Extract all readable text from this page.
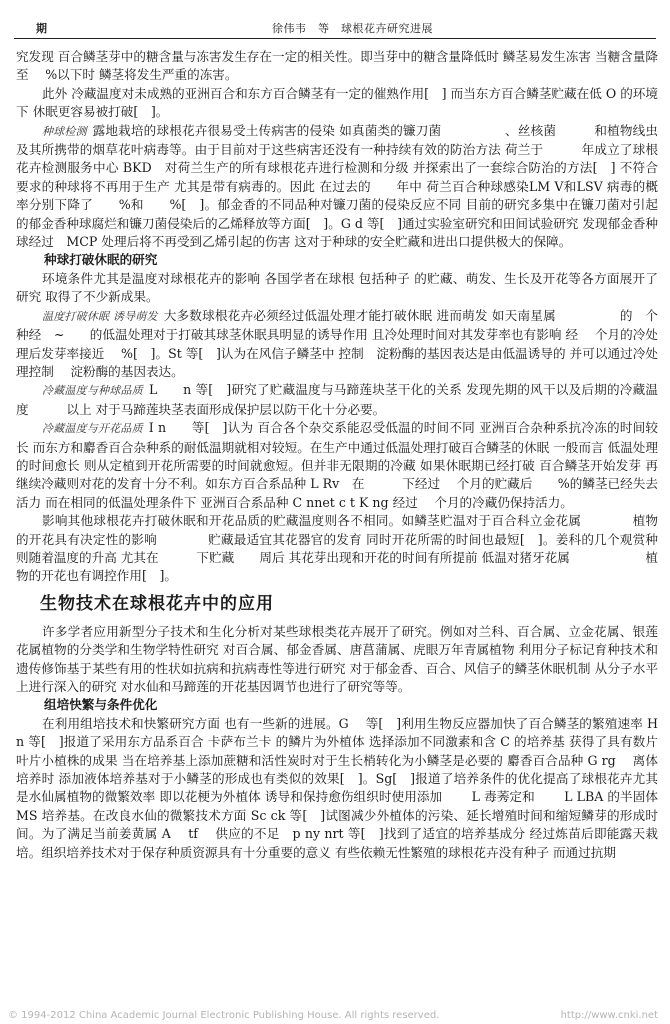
期	徐伟韦　等　球根花卉研究进展

究发现 百合鳞茎芽中的糖含量与冻害发生存在一定的相关性。即当芽中的糖含量降低时 鳞茎易发生冻害 当糖含量降至　 %以下时 鳞茎将发生严重的冻害。

此外 冷藏温度对未成熟的亚洲百合和东方百合鳞茎有一定的催熟作用[　] 而当东方百合鳞茎贮藏在低 O 的环境下 休眠更容易被打破[　]。

种球检测 露地栽培的球根花卉很易受土传病害的侵染 如真菌类的镰刀菌　　　　　、丝核菌　　　和植物线虫及其所携带的烟草花叶病毒等。由于目前对于这些病害还没有一种持续有效的防治方法 荷兰于　　　年成立了球根花卉检测服务中心 BKD　对荷兰生产的所有球根花卉进行检测和分级 并探索出了一套综合防治的方法[　] 不符合要求的种球将不再用于生产 尤其是带有病毒的。因此 在过去的　　年中 荷兰百合种球感染LM V和LSV 病毒的概率分别下降了　　%和　　%[　]。郁金香的不同品种对镰刀菌的侵染反应不同 目前的研究多集中在镰刀菌对引起的郁金香种球腐烂和镰刀菌侵染后的乙烯释放等方面[　]。G d 等[　]通过实验室研究和田间试验研究 发现郁金香种球经过　MCP 处理后将不再受到乙烯引起的伤害 这对于种球的安全贮藏和进出口提供极大的保障。

种球打破休眠的研究

环境条件尤其是温度对球根花卉的影响 各国学者在球根 包括种子 的贮藏、萌发、生长及开花等各方面展开了研究 取得了不少新成果。

温度打破休眠 诱导萌发 大多数球根花卉必须经过低温处理才能打破休眠 进而萌发 如天南星属　　　　　的　个种经　~　　的低温处理对于打破其球茎休眠具明显的诱导作用 且冷处理时间对其发芽率也有影响 经　 个月的冷处理后发芽率接近　 %[　]。St 等[　]认为在风信子鳞茎中 控制　淀粉酶的基因表达是由低温诱导的 并可以通过冷处理控制　 淀粉酶的基因表达。

冷藏温度与种球品质 L　　n 等[　]研究了贮藏温度与马蹄莲块茎干化的关系 发现先期的风干以及后期的冷藏温度　　　以上 对于马蹄莲块茎表面形成保护层以防干化十分必要。

冷藏温度与开花品质 I n　　等[　]认为 百合各个杂交系能忍受低温的时间不同 亚洲百合杂种系抗冷冻的时间较长 而东方和麝香百合杂种系的耐低温期就相对较短。在生产中通过低温处理打破百合鳞茎的休眠 一般而言 低温处理的时间愈长 则从定植到开花所需要的时间就愈短。但并非无限期的冷藏 如果休眠期已经打破 百合鳞茎开始发芽 再继续冷藏则对花的发育十分不利。如东方百合系品种 L Rv　在　　　下经过　 个月的贮藏后　　%的鳞茎已经失去活力 而在相同的低温处理条件下 亚洲百合系品种 C nnet c t K ng 经过　 个月的冷藏仍保持活力。

影响其他球根花卉打破休眠和开花品质的贮藏温度则各不相同。如鳞茎贮温对于百合科立金花属　　　　植物的开花具有决定性的影响　　　　贮藏最适宜其花器官的发育 同时开花所需的时间也最短[　]。姜科的几个观赏种则随着温度的升高 尤其在　　　下贮藏　　周后 其花芽出现和开花的时间有所提前 低温对猪牙花属　　　　　　植物的开花也有调控作用[　]。

生物技术在球根花卉中的应用

许多学者应用新型分子技术和生化分析对某些球根类花卉展开了研究。例如对兰科、百合属、立金花属、银莲花属植物的分类学和生物学特性研究 对百合属、郁金香属、唐菖蒲属、虎眼万年青属植物 利用分子标记育种技术和遗传修饰基于某些有用的性状如抗病和抗病毒性等进行研究 对于郁金香、百合、风信子的鳞茎休眠机制 从分子水平上进行深入的研究 对水仙和马蹄莲的开花基因调节也进行了研究等等。

组培快繁与条件优化

在利用组培技术和快繁研究方面 也有一些新的进展。G　 等[　]利用生物反应器加快了百合鳞茎的繁殖速率 H n 等[　]报道了采用东方品系百合 卡萨布兰卡 的鳞片为外植体 选择添加不同激素和含 C 的培养基 获得了具有数片叶片小植株的成果 当在培养基上添加蔗糖和活性炭时对于生长梢转化为小鳞茎是必要的 麝香百合品种 G rg　 离体培养时 添加液体培养基对于小鳞茎的形成也有类似的效果[　]。Sg[　]报道了培养条件的优化提高了球根花卉尤其是水仙属植物的微繁效率 即以花梗为外植体 诱导和保持愈伤组织时使用添加　　 L 毒莠定和　　 L LBA 的半固体MS 培养基。在改良水仙的微繁技术方面 Sc ck 等[　]试图减少外植体的污染、延长增殖时间和缩短鳞芽的形成时间。为了满足当前姜黄属 A　 tf　 供应的不足　p ny nrt 等[　]找到了适宜的培养基成分 经过炼苗后即能露天栽培。组织培养技术对于保存种质资源具有十分重要的意义 有些依赖无性繁殖的球根花卉没有种子 而通过抗期

© 1994-2012 China Academic Journal Electronic Publishing House. All rights reserved.	http://www.cnki.net
